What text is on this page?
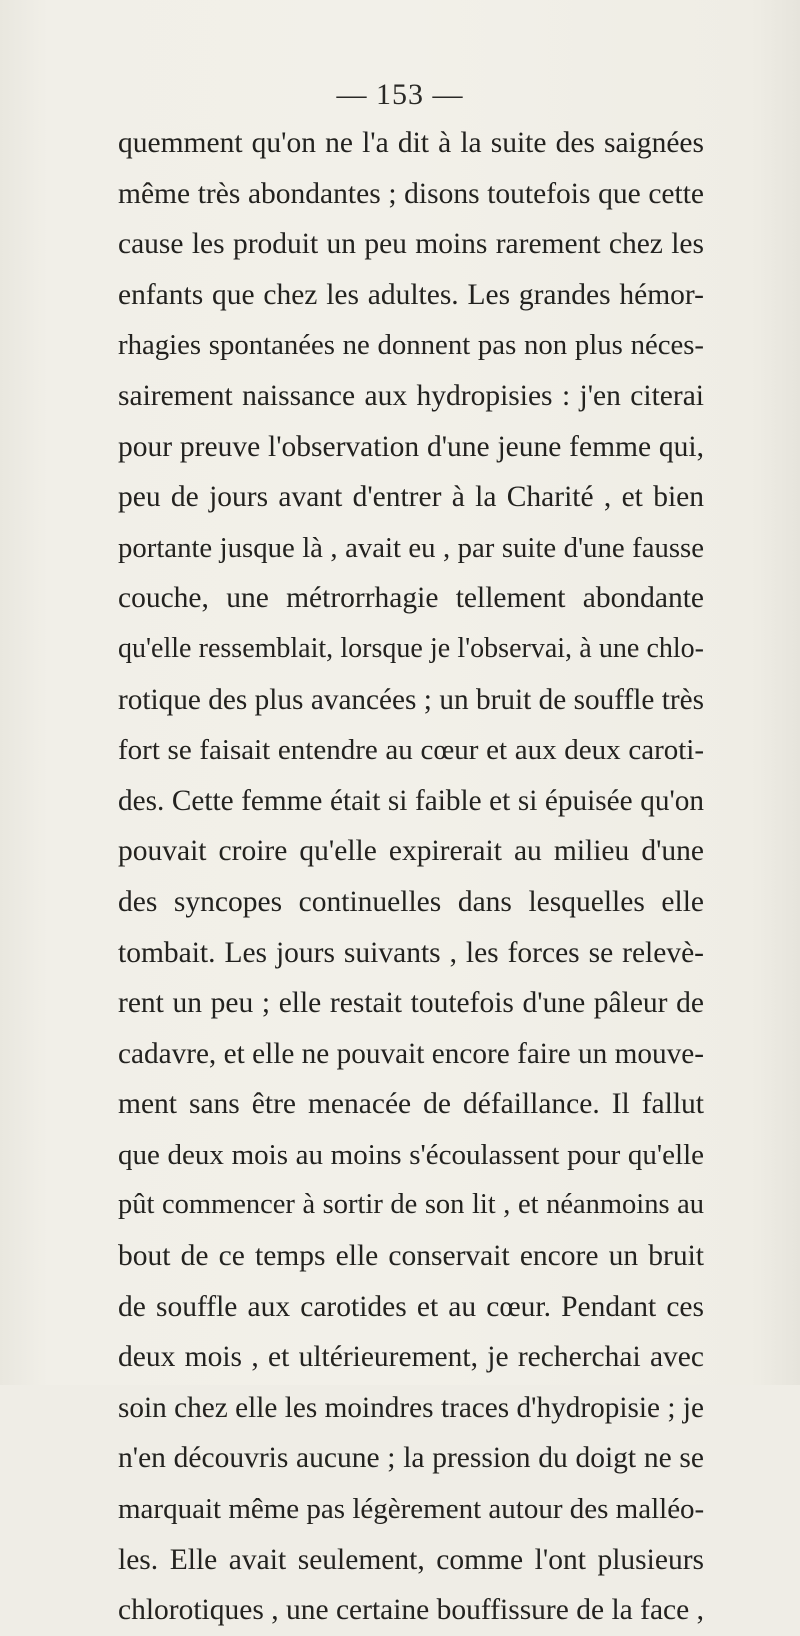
— 153 —
quemment qu'on ne l'a dit à la suite des saignées
même très abondantes ; disons toutefois que cette
cause les produit un peu moins rarement chez les
enfants que chez les adultes. Les grandes hémor-
rhagies spontanées ne donnent pas non plus néces-
sairement naissance aux hydropisies : j'en citerai
pour preuve l'observation d'une jeune femme qui,
peu de jours avant d'entrer à la Charité , et bien
portante jusque là , avait eu , par suite d'une fausse
couche, une métrorrhagie tellement abondante
qu'elle ressemblait, lorsque je l'observai, à une chlo-
rotique des plus avancées ; un bruit de souffle très
fort se faisait entendre au cœur et aux deux caroti-
des. Cette femme était si faible et si épuisée qu'on
pouvait croire qu'elle expirerait au milieu d'une
des syncopes continuelles dans lesquelles elle
tombait. Les jours suivants , les forces se relevè-
rent un peu ; elle restait toutefois d'une pâleur de
cadavre, et elle ne pouvait encore faire un mouve-
ment sans être menacée de défaillance. Il fallut
que deux mois au moins s'écoulassent pour qu'elle
pût commencer à sortir de son lit , et néanmoins au
bout de ce temps elle conservait encore un bruit
de souffle aux carotides et au cœur. Pendant ces
deux mois , et ultérieurement, je recherchai avec
soin chez elle les moindres traces d'hydropisie ; je
n'en découvris aucune ; la pression du doigt ne se
marquait même pas légèrement autour des malléo-
les. Elle avait seulement, comme l'ont plusieurs
chlorotiques , une certaine bouffissure de la face ,
